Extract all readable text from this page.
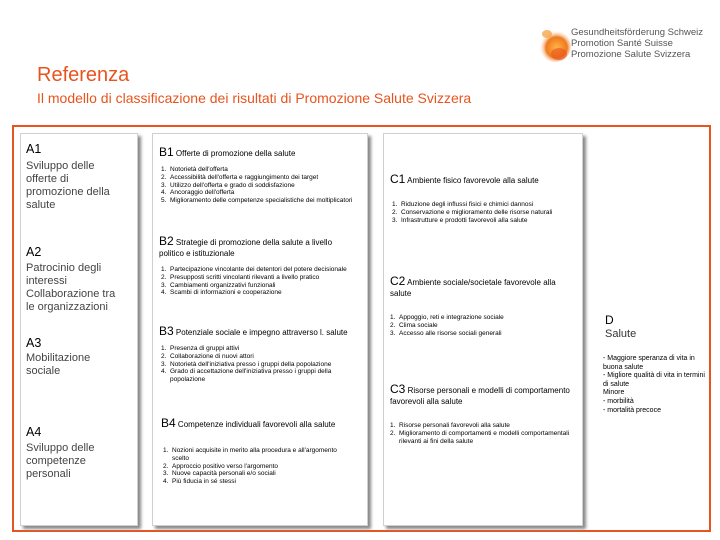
Gesundheitsförderung Schweiz
Promotion Santé Suisse
Promozione Salute Svizzera
Referenza
Il modello di classificazione dei risultati di Promozione Salute Svizzera
A1
Sviluppo delle offerte di promozione della salute
A2
Patrocinio degli interessi Collaborazione tra le organizzazioni
A3
Mobilitazione sociale
A4
Sviluppo delle competenze personali
B1 Offerte di promozione della salute
1. Notorietà dell'offerta
2. Accessibilità dell'offerta e raggiungimento dei target
3. Utilizzo dell'offerta e grado di soddisfazione
4. Ancoraggio dell'offerta
5. Miglioramento delle competenze specialistiche dei moltiplicatori
B2 Strategie di promozione della salute a livello politico e istituzionale
1. Partecipazione vincolante dei detentori del potere decisionale
2. Presupposti scritti vincolanti rilevanti a livello pratico
3. Cambiamenti organizzativi funzionali
4. Scambi di informazioni e cooperazione
B3 Potenziale sociale e impegno attraverso l. salute
1. Presenza di gruppi attivi
2. Collaborazione di nuovi attori
3. Notorietà dell'iniziativa presso i gruppi della popolazione
4. Grado di accettazione dell'iniziativa presso i gruppi della popolazione
B4 Competenze individuali favorevoli alla salute
1. Nozioni acquisite in merito alla procedura e all'argomento scelto
2. Approccio positivo verso l'argomento
3. Nuove capacità personali e/o sociali
4. Più fiducia in sé stessi
C1 Ambiente fisico favorevole alla salute
1. Riduzione degli influssi fisici e chimici dannosi
2. Conservazione e miglioramento delle risorse naturali
3. Infrastrutture e prodotti favorevoli alla salute
C2 Ambiente sociale/societale favorevole alla salute
1. Appoggio, reti e integrazione sociale
2. Clima sociale
3. Accesso alle risorse sociali generali
C3 Risorse personali e modelli di comportamento favorevoli alla salute
1. Risorse personali favorevoli alla salute
2. Miglioramento di comportamenti e modelli comportamentali rilevanti ai fini della salute
D
Salute
- Maggiore speranza di vita in buona salute
- Migliore qualità di vita in termini di salute
Minore
- morbilità
- mortalità precoce
